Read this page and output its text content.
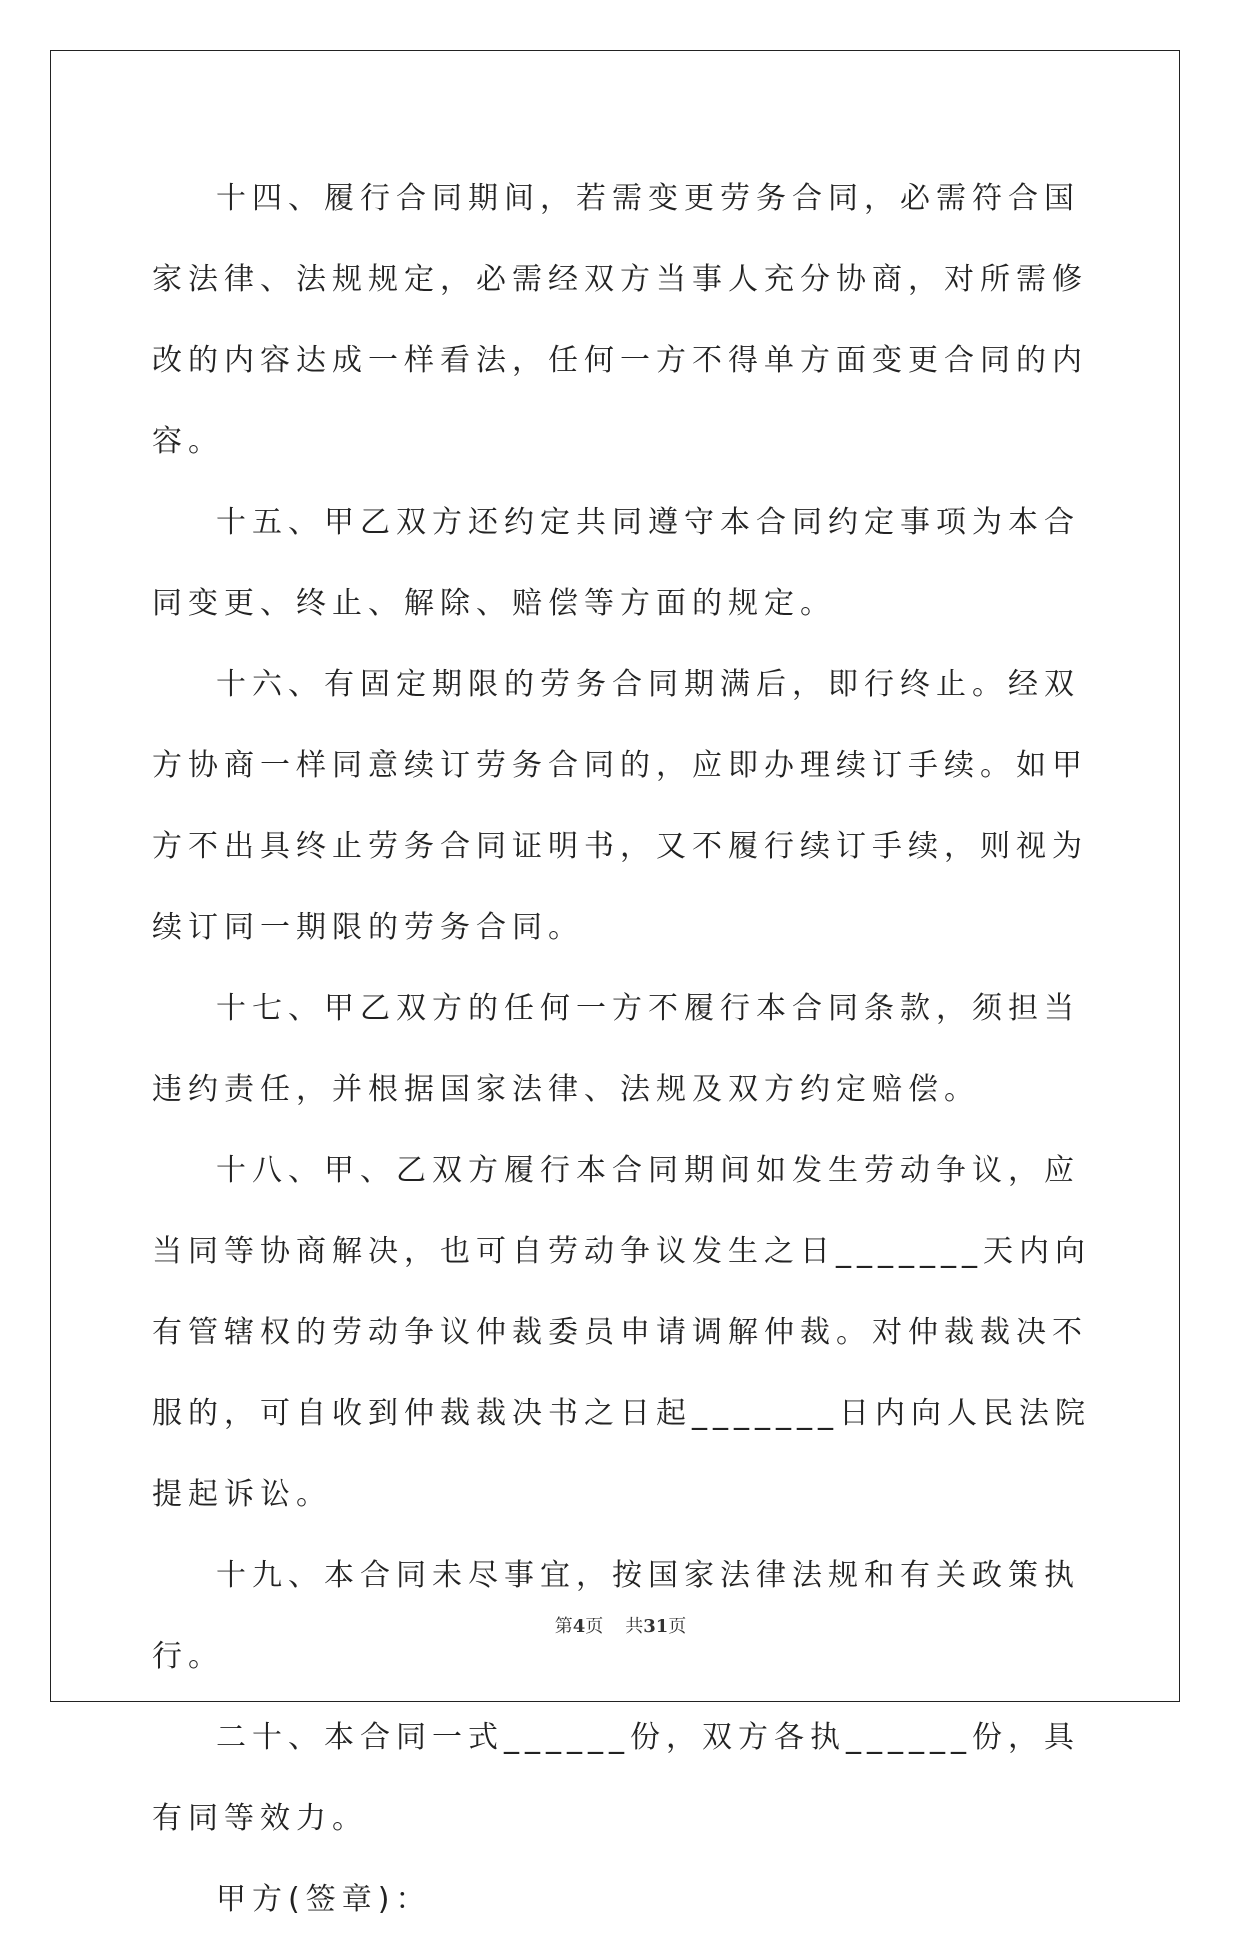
十四、履行合同期间，若需变更劳务合同，必需符合国家法律、法规规定，必需经双方当事人充分协商，对所需修改的内容达成一样看法，任何一方不得单方面变更合同的内容。

十五、甲乙双方还约定共同遵守本合同约定事项为本合同变更、终止、解除、赔偿等方面的规定。

十六、有固定期限的劳务合同期满后，即行终止。经双方协商一样同意续订劳务合同的，应即办理续订手续。如甲方不出具终止劳务合同证明书，又不履行续订手续，则视为续订同一期限的劳务合同。

十七、甲乙双方的任何一方不履行本合同条款，须担当违约责任，并根据国家法律、法规及双方约定赔偿。

十八、甲、乙双方履行本合同期间如发生劳动争议，应当同等协商解决，也可自劳动争议发生之日_______天内向有管辖权的劳动争议仲裁委员申请调解仲裁。对仲裁裁决不服的，可自收到仲裁裁决书之日起_______日内向人民法院提起诉讼。

十九、本合同未尽事宜，按国家法律法规和有关政策执行。

二十、本合同一式______份，双方各执______份，具有同等效力。

甲方(签章)：

第4页 共31页
